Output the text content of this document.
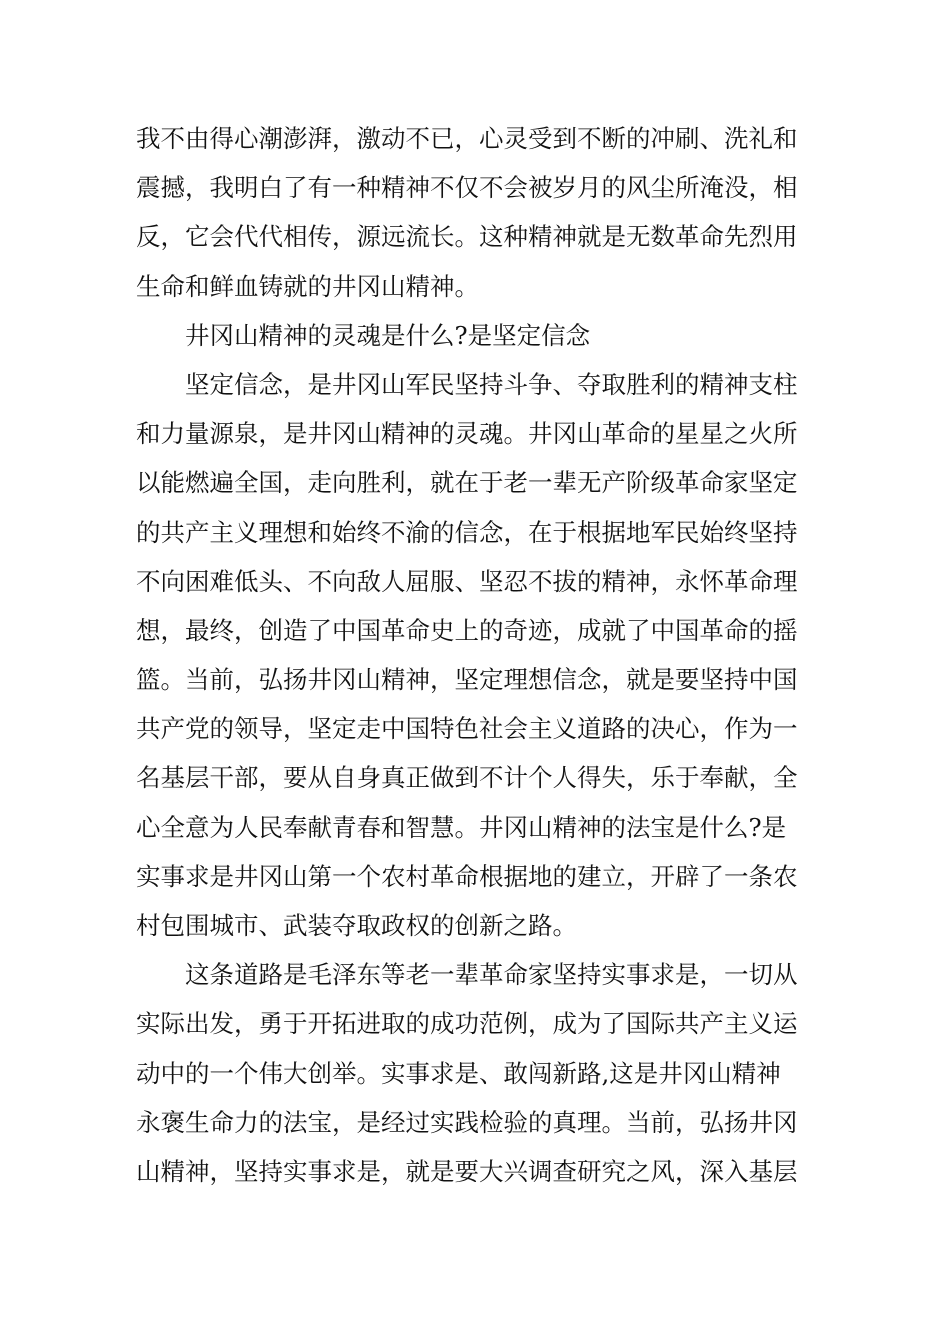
我不由得心潮澎湃，激动不已，心灵受到不断的冲刷、洗礼和
震撼，我明白了有一种精神不仅不会被岁月的风尘所淹没，相
反，它会代代相传，源远流长。这种精神就是无数革命先烈用
生命和鲜血铸就的井冈山精神。
井冈山精神的灵魂是什么?是坚定信念
坚定信念，是井冈山军民坚持斗争、夺取胜利的精神支柱
和力量源泉，是井冈山精神的灵魂。井冈山革命的星星之火所
以能燃遍全国，走向胜利，就在于老一辈无产阶级革命家坚定
的共产主义理想和始终不渝的信念，在于根据地军民始终坚持
不向困难低头、不向敌人屈服、坚忍不拔的精神，永怀革命理
想，最终，创造了中国革命史上的奇迹，成就了中国革命的摇
篮。当前，弘扬井冈山精神，坚定理想信念，就是要坚持中国
共产党的领导，坚定走中国特色社会主义道路的决心，作为一
名基层干部，要从自身真正做到不计个人得失，乐于奉献，全
心全意为人民奉献青春和智慧。井冈山精神的法宝是什么?是
实事求是井冈山第一个农村革命根据地的建立，开辟了一条农
村包围城市、武装夺取政权的创新之路。
这条道路是毛泽东等老一辈革命家坚持实事求是，一切从
实际出发，勇于开拓进取的成功范例，成为了国际共产主义运
动中的一个伟大创举。实事求是、敢闯新路,这是井冈山精神
永褒生命力的法宝，是经过实践检验的真理。当前，弘扬井冈
山精神，坚持实事求是，就是要大兴调查研究之风，深入基层
